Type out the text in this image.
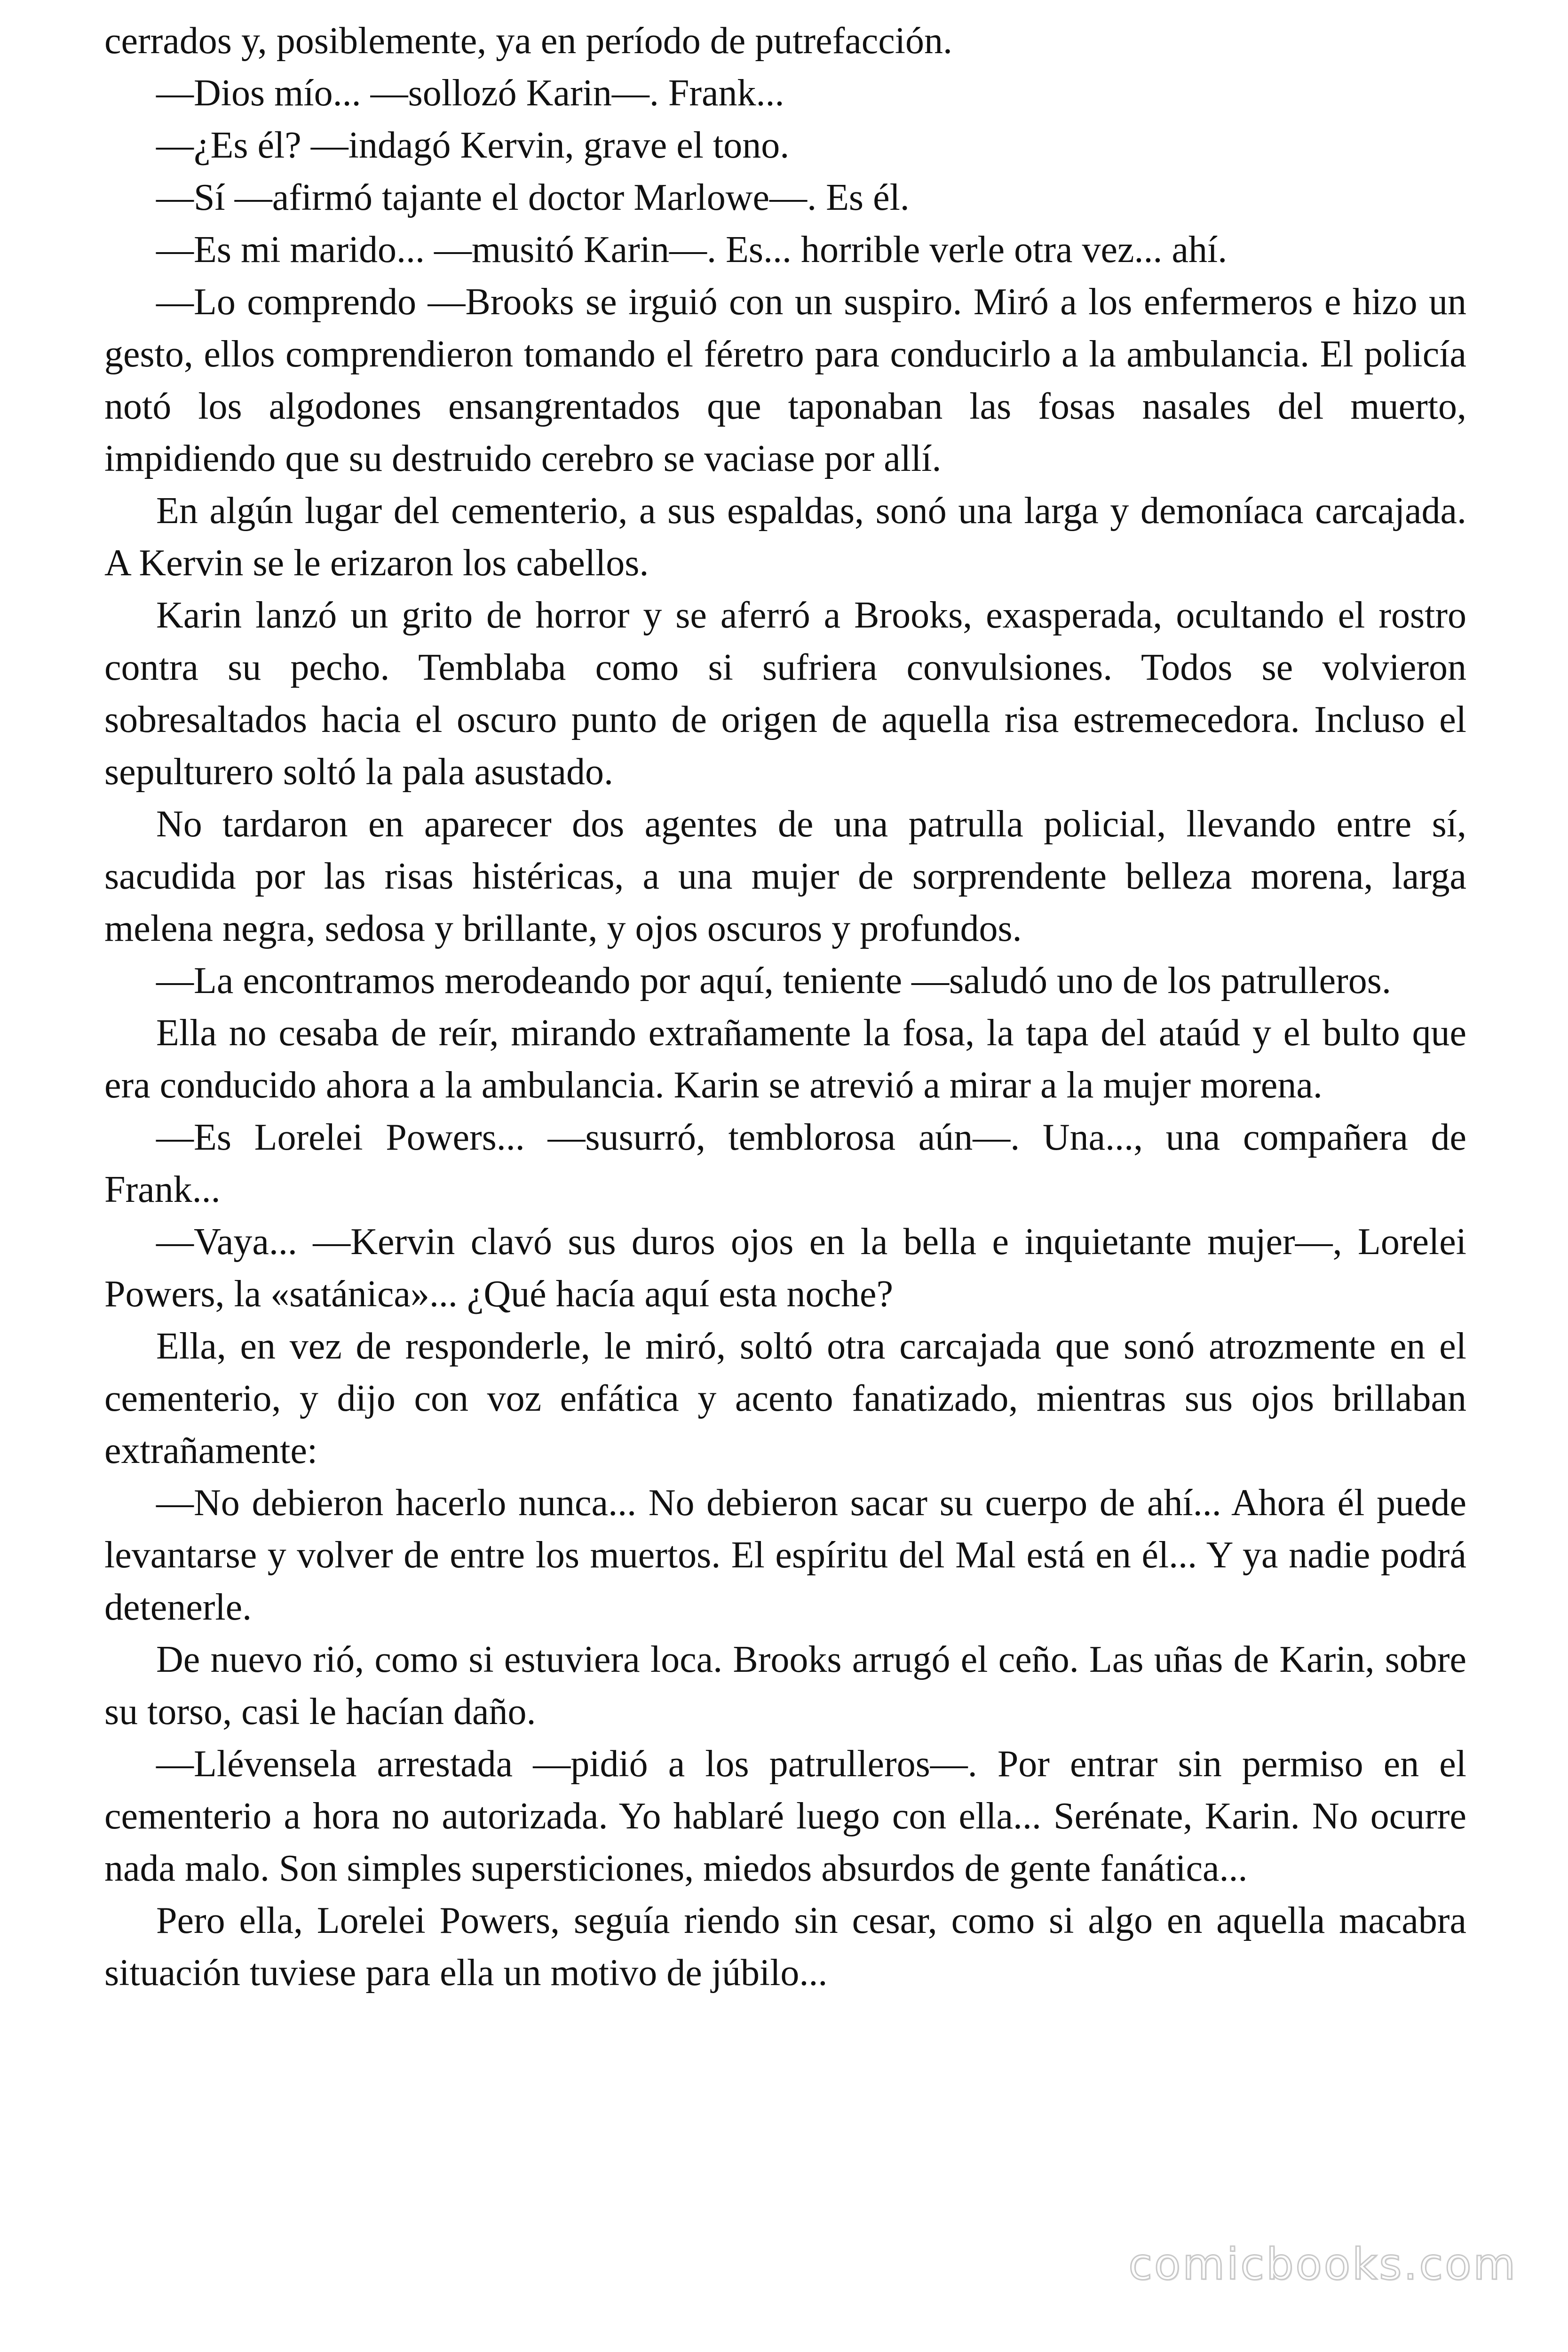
cerrados y, posiblemente, ya en período de putrefacción.

—Dios mío... —sollozó Karin—. Frank...

—¿Es él? —indagó Kervin, grave el tono.

—Sí —afirmó tajante el doctor Marlowe—. Es él.

—Es mi marido... —musitó Karin—. Es... horrible verle otra vez... ahí.

—Lo comprendo —Brooks se irguió con un suspiro. Miró a los enfermeros e hizo un gesto, ellos comprendieron tomando el féretro para conducirlo a la ambulancia. El policía notó los algodones ensangrentados que taponaban las fosas nasales del muerto, impidiendo que su destruido cerebro se vaciase por allí.

En algún lugar del cementerio, a sus espaldas, sonó una larga y demoníaca carcajada. A Kervin se le erizaron los cabellos.

Karin lanzó un grito de horror y se aferró a Brooks, exasperada, ocultando el rostro contra su pecho. Temblaba como si sufriera convulsiones. Todos se volvieron sobresaltados hacia el oscuro punto de origen de aquella risa estremecedora. Incluso el sepulturero soltó la pala asustado.

No tardaron en aparecer dos agentes de una patrulla policial, llevando entre sí, sacudida por las risas histéricas, a una mujer de sorprendente belleza morena, larga melena negra, sedosa y brillante, y ojos oscuros y profundos.

—La encontramos merodeando por aquí, teniente —saludó uno de los patrulleros.

Ella no cesaba de reír, mirando extrañamente la fosa, la tapa del ataúd y el bulto que era conducido ahora a la ambulancia. Karin se atrevió a mirar a la mujer morena.

—Es Lorelei Powers... —susurró, temblorosa aún—. Una..., una compañera de Frank...

—Vaya... —Kervin clavó sus duros ojos en la bella e inquietante mujer—, Lorelei Powers, la «satánica»... ¿Qué hacía aquí esta noche?

Ella, en vez de responderle, le miró, soltó otra carcajada que sonó atrozmente en el cementerio, y dijo con voz enfática y acento fanatizado, mientras sus ojos brillaban extrañamente:

—No debieron hacerlo nunca... No debieron sacar su cuerpo de ahí... Ahora él puede levantarse y volver de entre los muertos. El espíritu del Mal está en él... Y ya nadie podrá detenerle.

De nuevo rió, como si estuviera loca. Brooks arrugó el ceño. Las uñas de Karin, sobre su torso, casi le hacían daño.

—Llévensela arrestada —pidió a los patrulleros—. Por entrar sin permiso en el cementerio a hora no autorizada. Yo hablaré luego con ella... Serénate, Karin. No ocurre nada malo. Son simples supersticiones, miedos absurdos de gente fanática...

Pero ella, Lorelei Powers, seguía riendo sin cesar, como si algo en aquella macabra situación tuviese para ella un motivo de júbilo...

comicbooks.com
